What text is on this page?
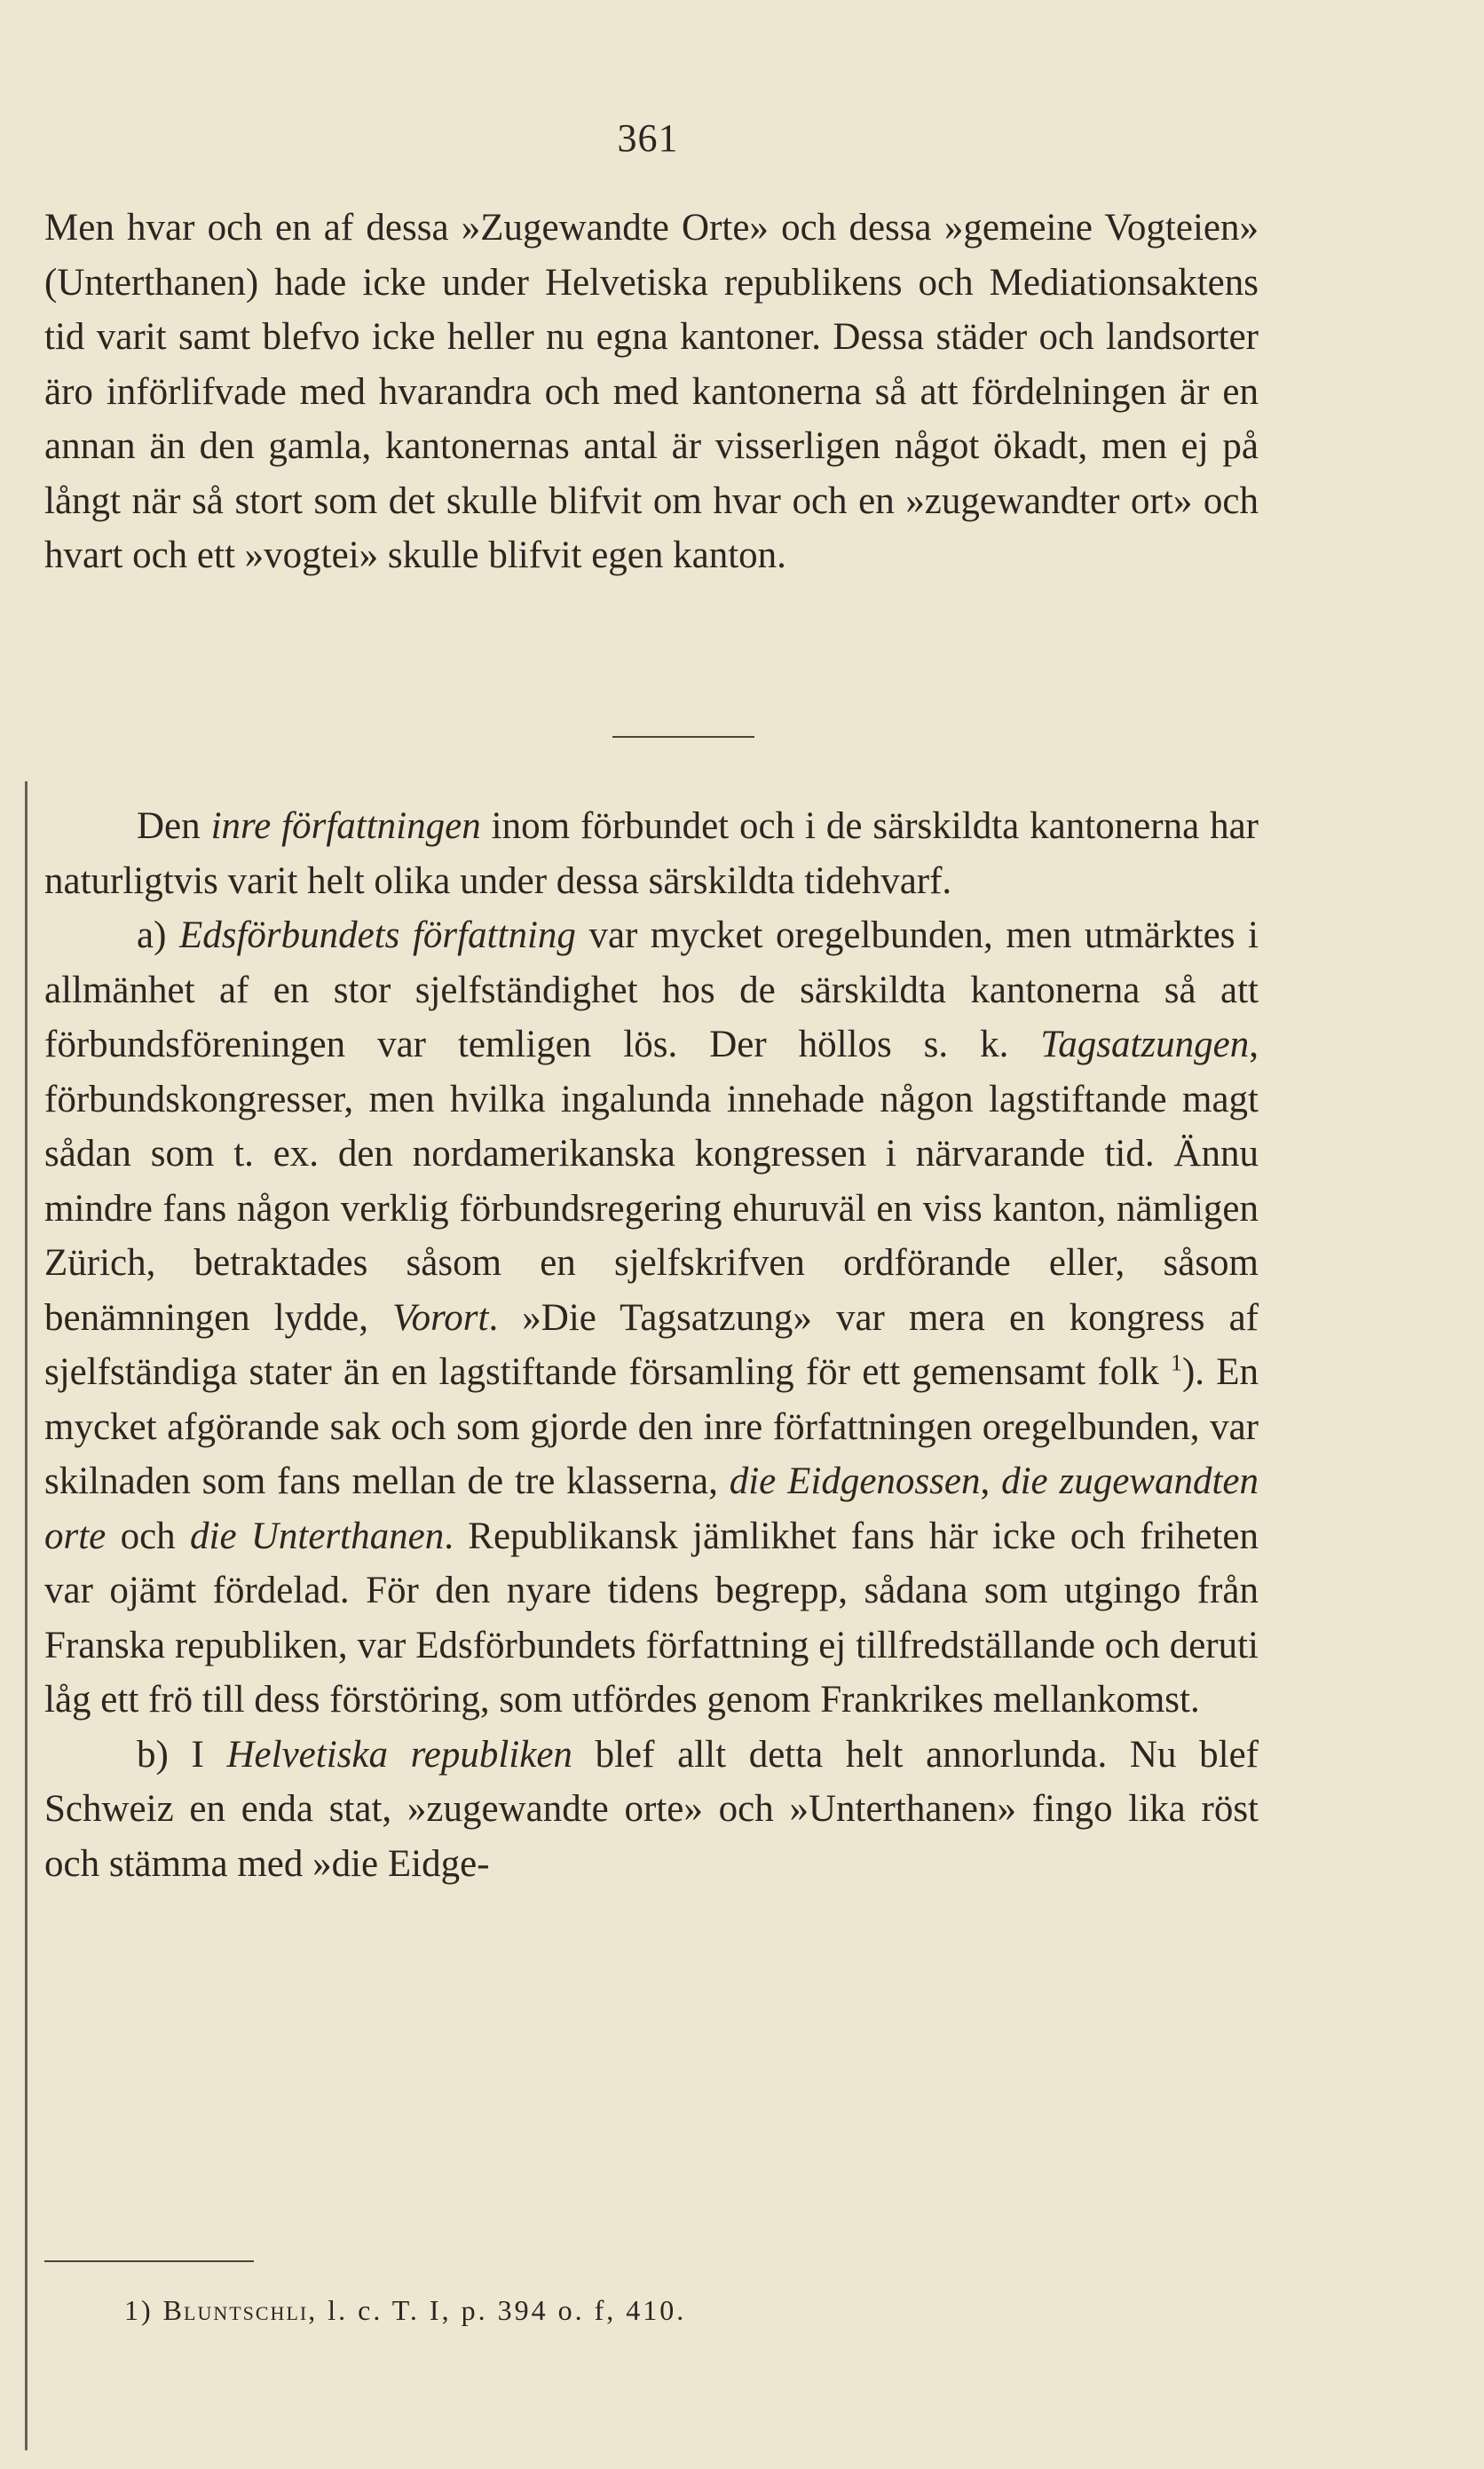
361

Men hvar och en af dessa »Zugewandte Orte» och dessa »gemeine Vogteien» (Unterthanen) hade icke under Helvetiska republikens och Mediationsaktens tid varit samt blefvo icke heller nu egna kantoner. Dessa städer och landsorter äro införlifvade med hvarandra och med kantonerna så att fördelningen är en annan än den gamla, kantonernas antal är visserligen något ökadt, men ej på långt när så stort som det skulle blifvit om hvar och en »zugewandter ort» och hvart och ett »vogtei» skulle blifvit egen kanton.

Den inre författningen inom förbundet och i de särskildta kantonerna har naturligtvis varit helt olika under dessa särskildta tidehvarf.

a) Edsförbundets författning var mycket oregelbunden, men utmärktes i allmänhet af en stor sjelfständighet hos de särskildta kantonerna så att förbundsföreningen var temligen lös. Der höllos s. k. Tagsatzungen, förbundskongresser, men hvilka ingalunda innehade någon lagstiftande magt sådan som t. ex. den nordamerikanska kongressen i närvarande tid. Ännu mindre fans någon verklig förbundsregering ehuruväl en viss kanton, nämligen Zürich, betraktades såsom en sjelfskrifven ordförande eller, såsom benämningen lydde, Vorort. »Die Tagsatzung» var mera en kongress af sjelfständiga stater än en lagstiftande församling för ett gemensamt folk $^1$). En mycket afgörande sak och som gjorde den inre författningen oregelbunden, var skilnaden som fans mellan de tre klasserna, die Eidgenossen, die zugewandten orte och die Unterthanen. Republikansk jämlikhet fans här icke och friheten var ojämt fördelad. För den nyare tidens begrepp, sådana som utgingo från Franska republiken, var Edsförbundets författning ej tillfredställande och deruti låg ett frö till dess förstöring, som utfördes genom Frankrikes mellankomst.

b) I Helvetiska republiken blef allt detta helt annorlunda. Nu blef Schweiz en enda stat, »zugewandte orte» och »Unterthanen» fingo lika röst och stämma med »die Eidge-

1) Bluntschli, l. c. T. I, p. 394 o. f, 410.
